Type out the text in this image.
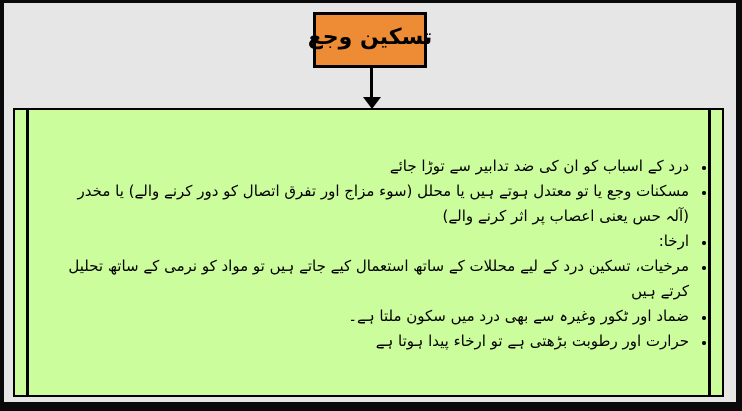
تسکین وجع
• درد کے اسباب کو ان کی ضد تدابیر سے توڑا جائے
• مسکنات وجع یا تو معتدل ہوتے ہیں یا محلل (سوء مزاج اور تفرق اتصال کو دور کرنے والے) یا مخدر (آلہ حس یعنی اعصاب پر اثر کرنے والے)
• ارخا:
• مرخیات، تسکین درد کے لیے محللات کے ساتھ استعمال کیے جاتے ہیں تو مواد کو نرمی کے ساتھ تحلیل کرتے ہیں
• ضماد اور ٹکور وغیرہ سے بھی درد میں سکون ملتا ہے۔
• حرارت اور رطوبت بڑھتی ہے تو ارخاء پیدا ہوتا ہے
